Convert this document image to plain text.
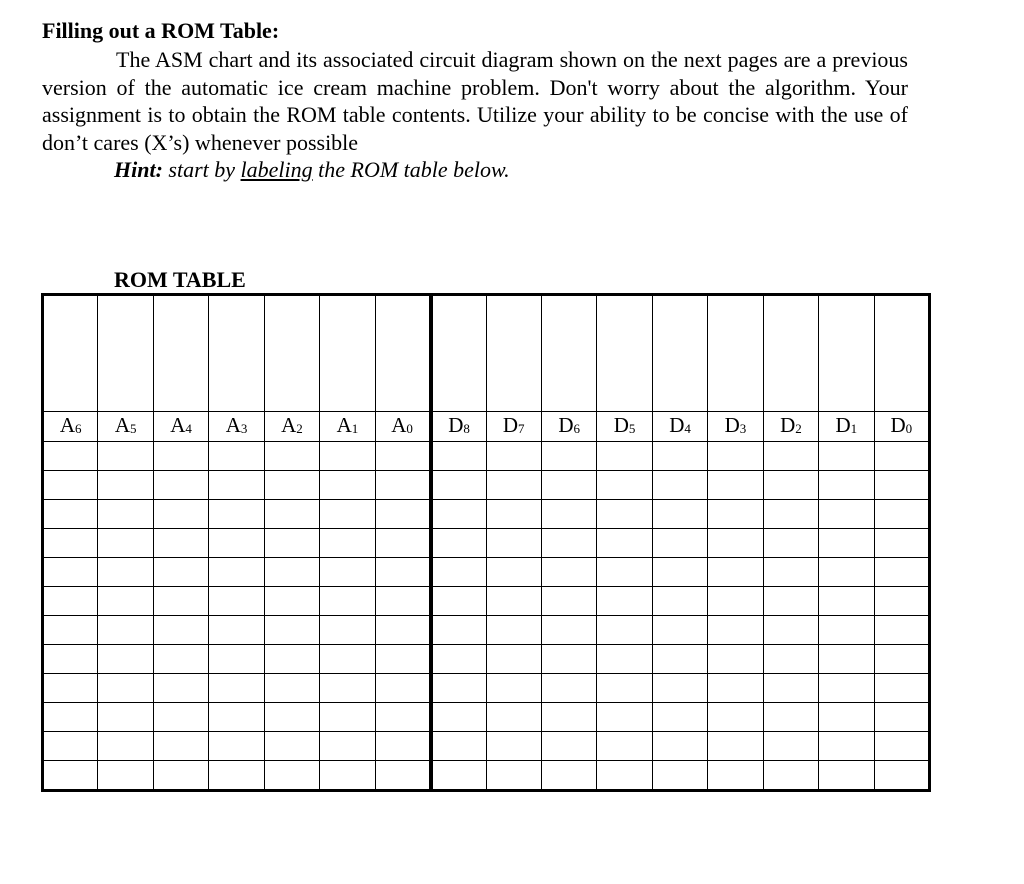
Filling out a ROM Table:

The ASM chart and its associated circuit diagram shown on the next pages are a previous version of the automatic ice cream machine problem. Don't worry about the algorithm. Your assignment is to obtain the ROM table contents. Utilize your ability to be concise with the use of don’t cares (X’s) whenever possible

Hint: start by labeling the ROM table below.
ROM TABLE

A6	A5	A4	A3	A2	A1	A0	D8	D7	D6	D5	D4	D3	D2	D1	D0
